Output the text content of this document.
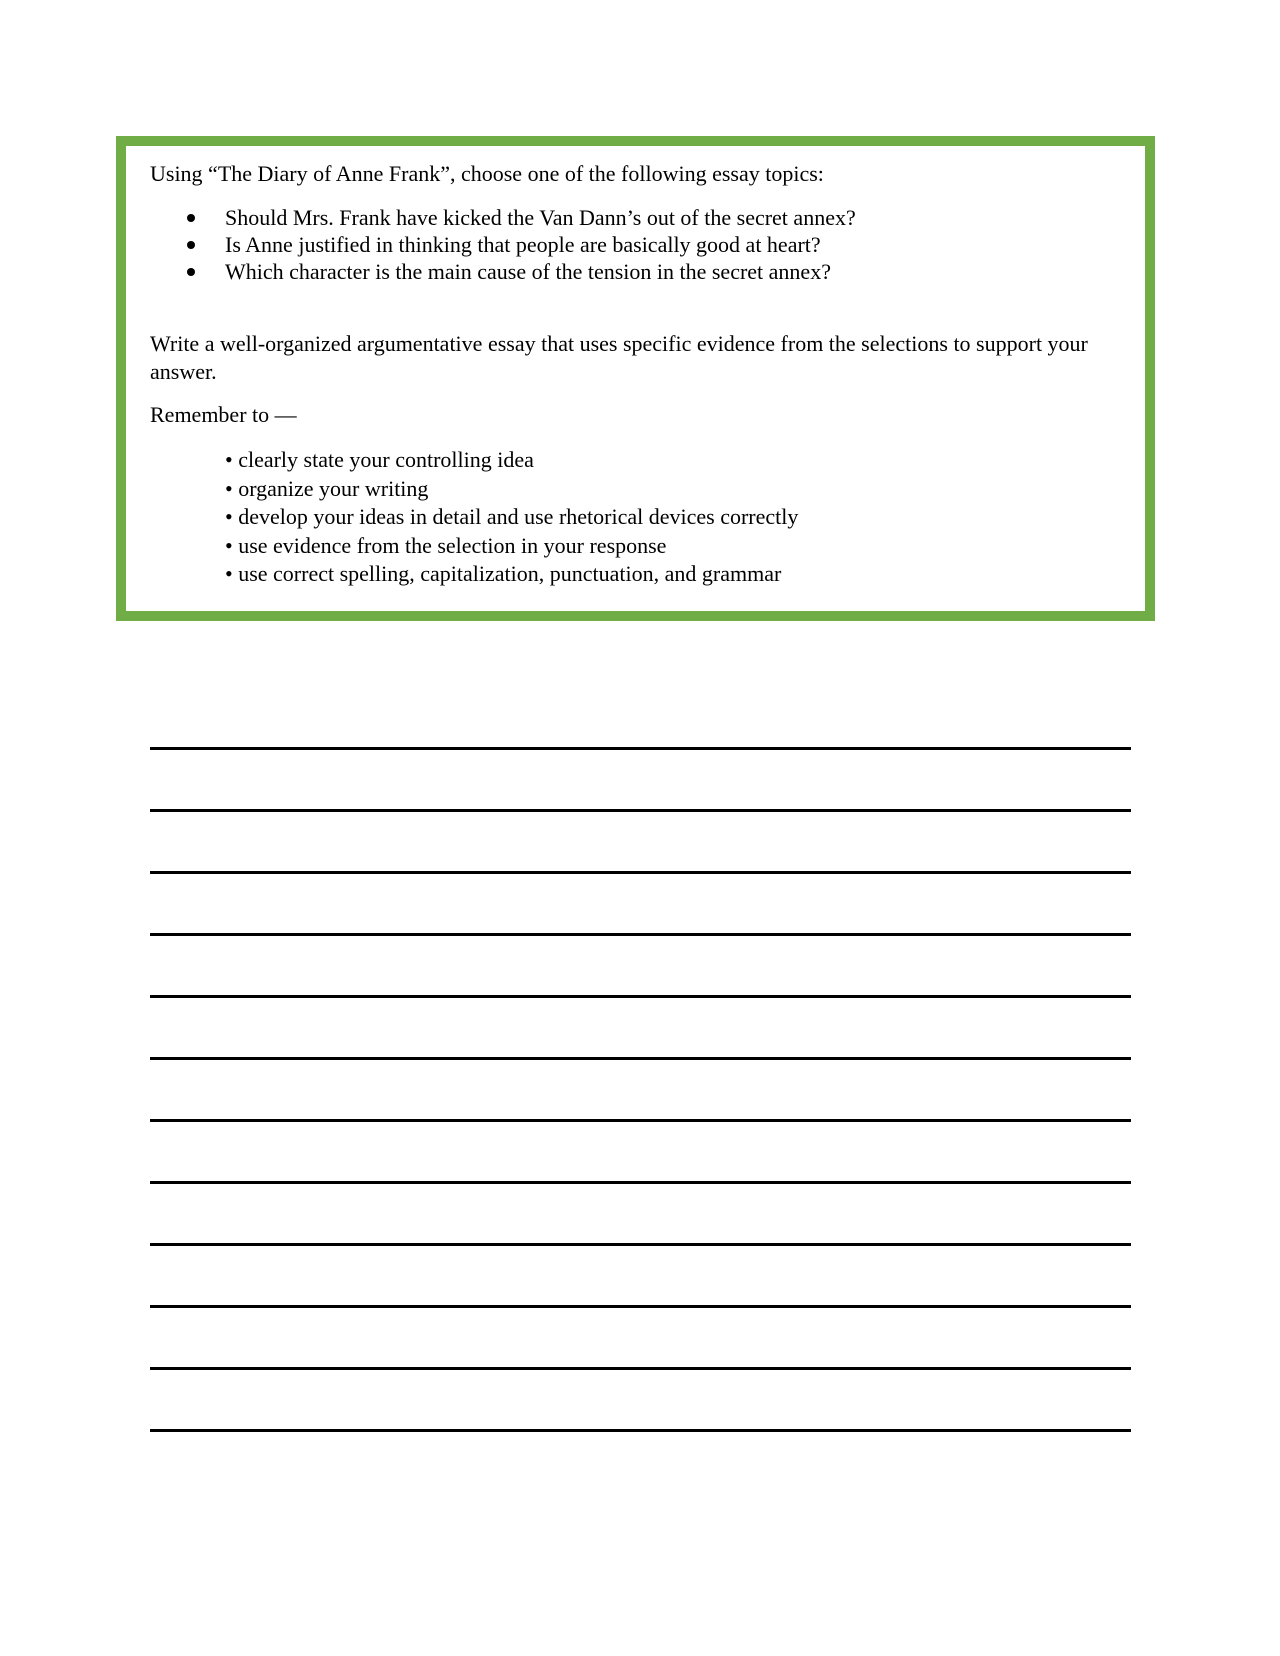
Using “The Diary of Anne Frank”, choose one of the following essay topics:

Should Mrs. Frank have kicked the Van Dann’s out of the secret annex?
Is Anne justified in thinking that people are basically good at heart?
Which character is the main cause of the tension in the secret annex?

Write a well-organized argumentative essay that uses specific evidence from the selections to support your answer.

Remember to —

• clearly state your controlling idea
• organize your writing
• develop your ideas in detail and use rhetorical devices correctly
• use evidence from the selection in your response
• use correct spelling, capitalization, punctuation, and grammar
